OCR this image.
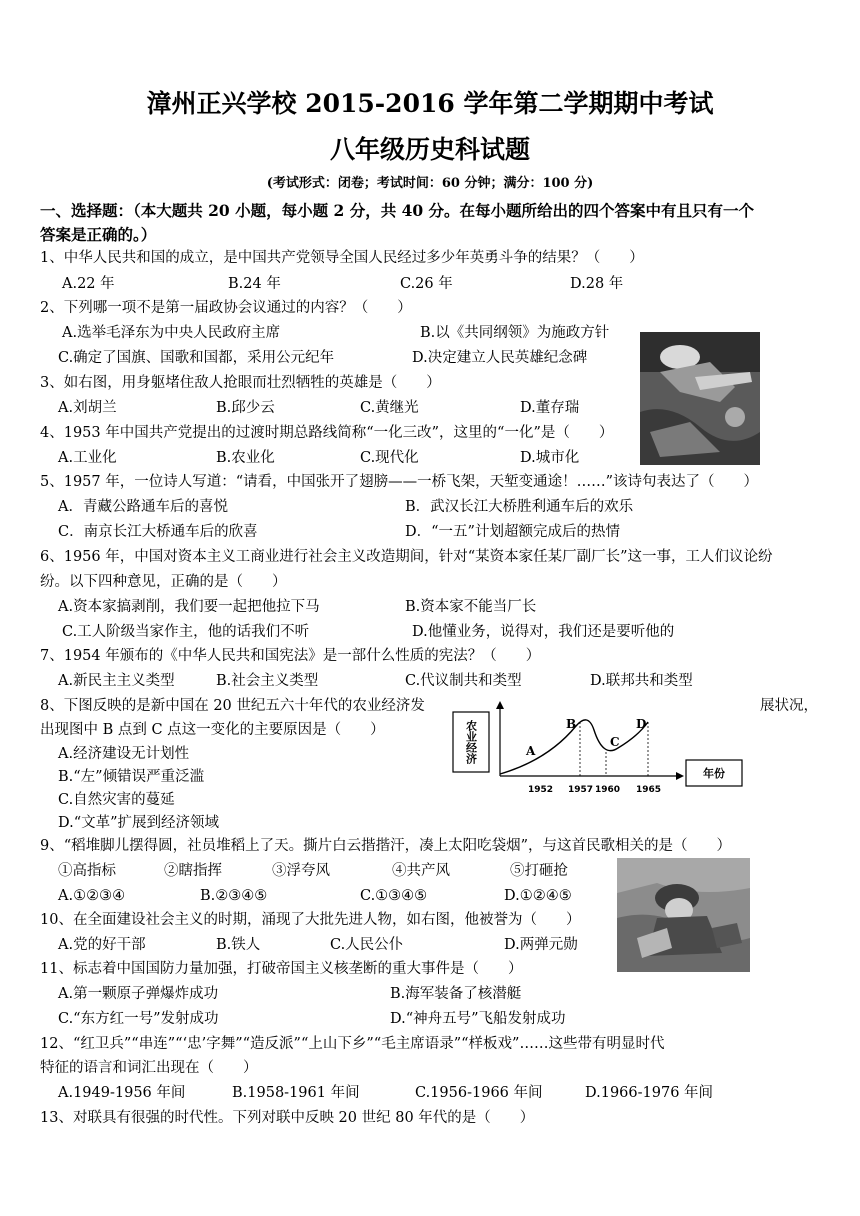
漳州正兴学校 2015-2016 学年第二学期期中考试
八年级历史科试题
(考试形式：闭卷；考试时间：60 分钟；满分：100 分)
一、选择题：（本大题共 20 小题，每小题 2 分，共 40 分。在每小题所给出的四个答案中有且只有一个
答案是正确的。）
1、中华人民共和国的成立，是中国共产党领导全国人民经过多少年英勇斗争的结果？（　　）
A.22 年	B.24 年	C.26 年	D.28 年
2、下列哪一项不是第一届政协会议通过的内容？（　　）
A.选举毛泽东为中央人民政府主席	B.以《共同纲领》为施政方针
C.确定了国旗、国歌和国都，采用公元纪年	D.决定建立人民英雄纪念碑
3、如右图，用身躯堵住敌人抢眼而壮烈牺牲的英雄是（　　）
A.刘胡兰	B.邱少云	C.黄继光	D.董存瑞
4、1953 年中国共产党提出的过渡时期总路线简称“一化三改”，这里的“一化”是（　　）
A.工业化	B.农业化	C.现代化	D.城市化
5、1957 年，一位诗人写道：“请看，中国张开了翅膀——一桥飞架，天堑变通途！……”该诗句表达了（　　）
A．青藏公路通车后的喜悦	B．武汉长江大桥胜利通车后的欢乐
C．南京长江大桥通车后的欣喜	D．“一五”计划超额完成后的热情
6、1956 年，中国对资本主义工商业进行社会主义改造期间，针对“某资本家任某厂副厂长”这一事，工人们议论纷
纷。以下四种意见，正确的是（　　）
A.资本家搞剥削，我们要一起把他拉下马	B.资本家不能当厂长
C.工人阶级当家作主，他的话我们不听	D.他懂业务，说得对，我们还是要听他的
7、1954 年颁布的《中华人民共和国宪法》是一部什么性质的宪法？（　　）
A.新民主主义类型	B.社会主义类型	C.代议制共和类型	D.联邦共和类型
8、下图反映的是新中国在 20 世纪五六十年代的农业经济发	展状况，
出现图中 B 点到 C 点这一变化的主要原因是（　　）
A.经济建设无计划性
B.“左”倾错误严重泛滥
C.自然灾害的蔓延
D.“文革”扩展到经济领域
农业经济
年份
A
B
C
D
1952 1957 1960 1965
9、“稻堆脚儿摆得圆，社员堆稻上了天。撕片白云揩揩汗，凑上太阳吃袋烟”，与这首民歌相关的是（　　）
①高指标	②瞎指挥	③浮夸风	④共产风	⑤打砸抢
A.①②③④	B.②③④⑤	C.①③④⑤	D.①②④⑤
10、在全面建设社会主义的时期，涌现了大批先进人物，如右图，他被誉为（　　）
A.党的好干部	B.铁人	C.人民公仆	D.两弹元勋
11、标志着中国国防力量加强，打破帝国主义核垄断的重大事件是（　　）
A.第一颗原子弹爆炸成功	B.海军装备了核潜艇
C.“东方红一号”发射成功	D.“神舟五号”飞船发射成功
12、“红卫兵”“串连”“‘忠’字舞”“造反派”“上山下乡”“毛主席语录”“样板戏”……这些带有明显时代
特征的语言和词汇出现在（　　）
A.1949-1956 年间	B.1958-1961 年间	C.1956-1966 年间	D.1966-1976 年间
13、对联具有很强的时代性。下列对联中反映 20 世纪 80 年代的是（　　）
